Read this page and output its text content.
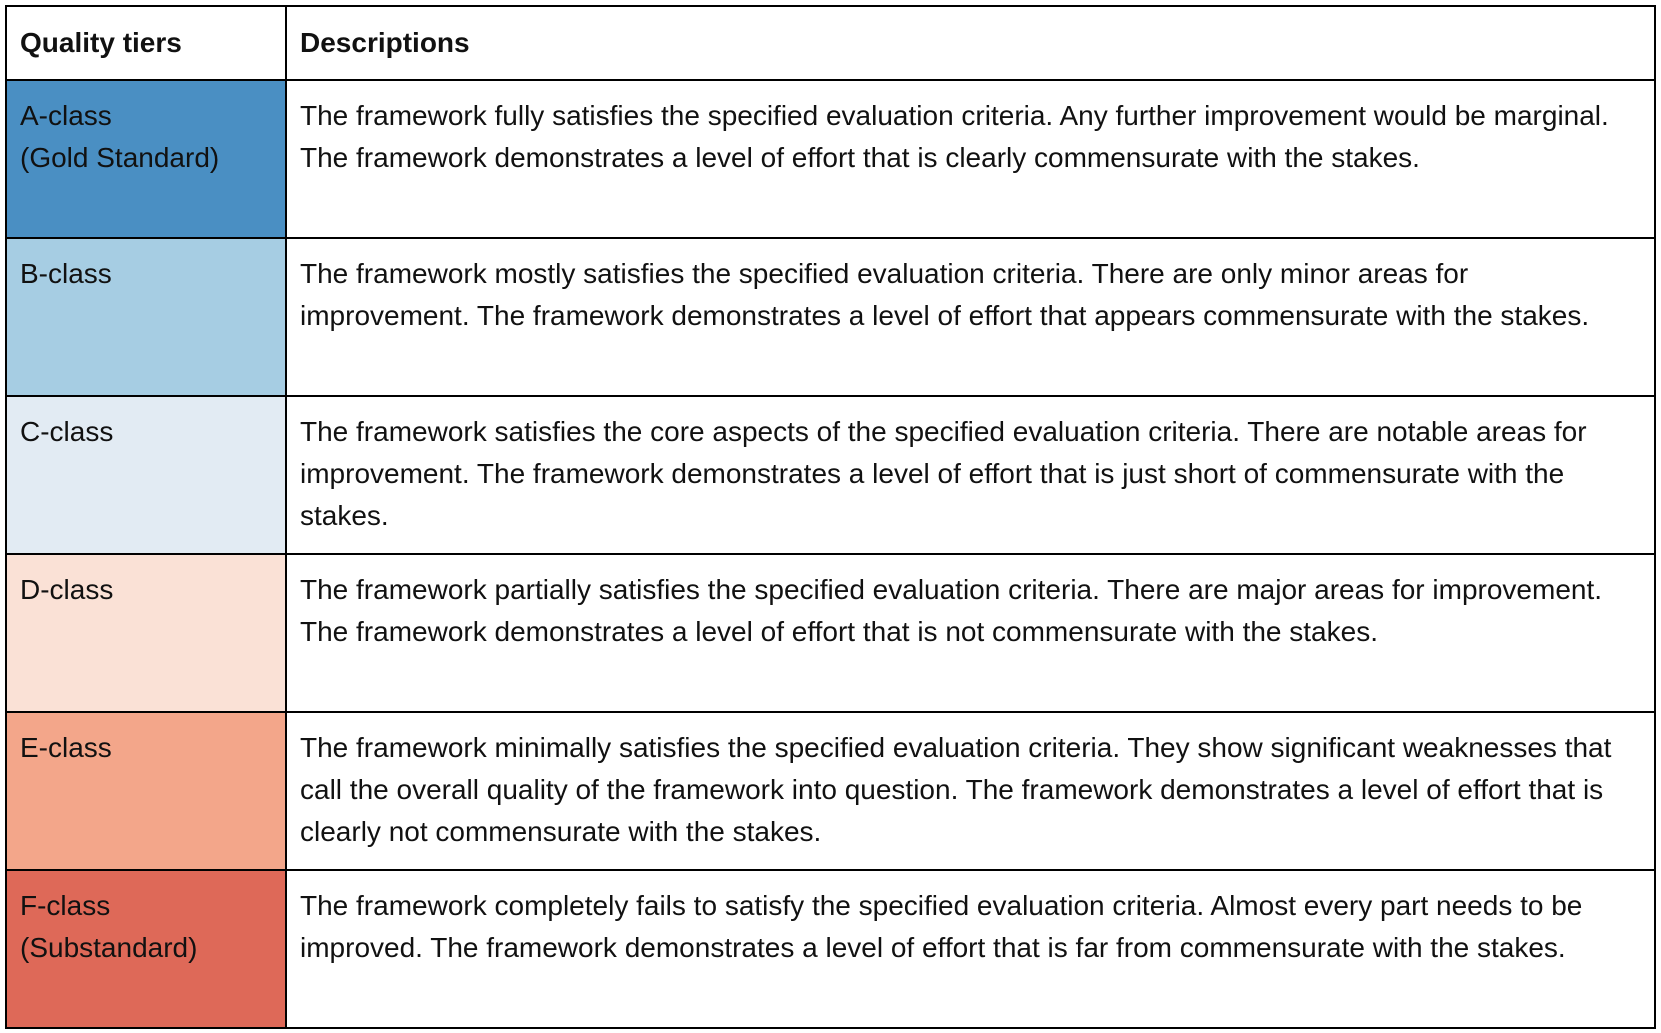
Quality tiers	Descriptions
A-class
(Gold Standard)	The framework fully satisfies the specified evaluation criteria. Any further improvement would be marginal. The framework demonstrates a level of effort that is clearly commensurate with the stakes.
B-class	The framework mostly satisfies the specified evaluation criteria. There are only minor areas for improvement. The framework demonstrates a level of effort that appears commensurate with the stakes.
C-class	The framework satisfies the core aspects of the specified evaluation criteria. There are notable areas for improvement. The framework demonstrates a level of effort that is just short of commensurate with the stakes.
D-class	The framework partially satisfies the specified evaluation criteria. There are major areas for improvement. The framework demonstrates a level of effort that is not commensurate with the stakes.
E-class	The framework minimally satisfies the specified evaluation criteria. They show significant weaknesses that call the overall quality of the framework into question. The framework demonstrates a level of effort that is clearly not commensurate with the stakes.
F-class
(Substandard)	The framework completely fails to satisfy the specified evaluation criteria. Almost every part needs to be improved. The framework demonstrates a level of effort that is far from commensurate with the stakes.
